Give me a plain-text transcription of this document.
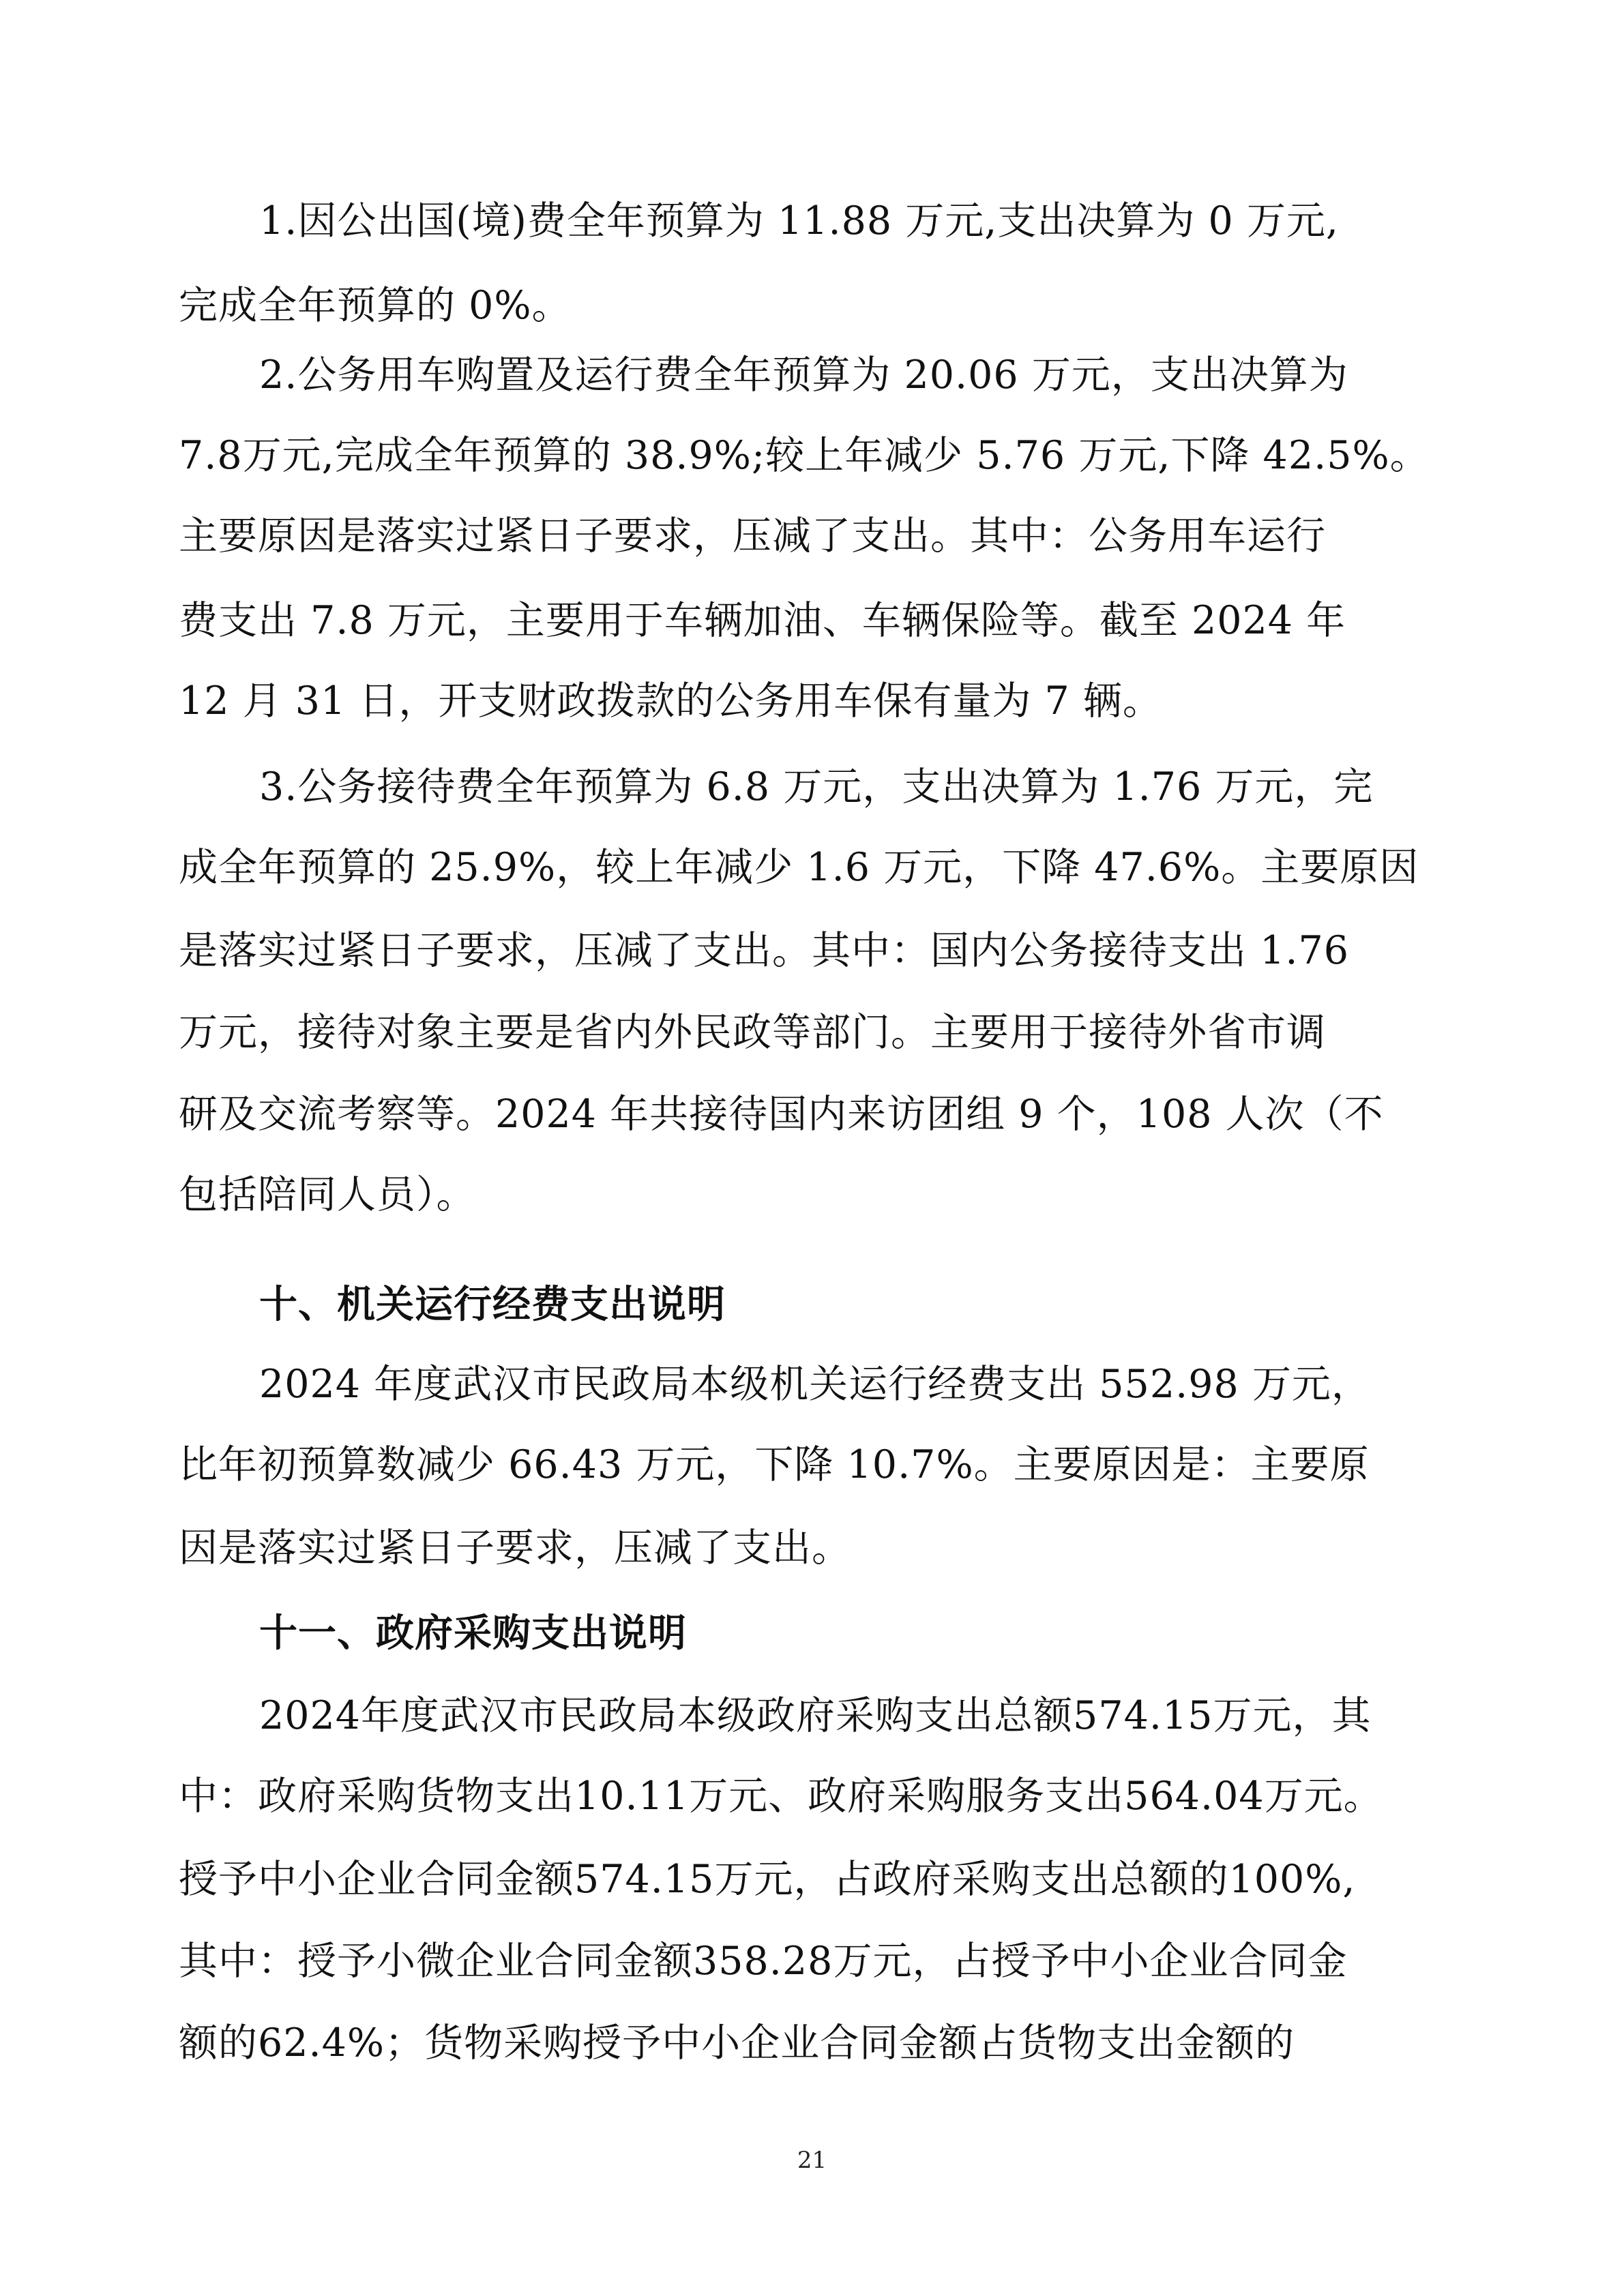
1.因公出国(境)费全年预算为 11.88 万元,支出决算为 0 万元,
完成全年预算的 0%。
2.公务用车购置及运行费全年预算为 20.06 万元，支出决算为
7.8万元,完成全年预算的 38.9%;较上年减少 5.76 万元,下降 42.5%。
主要原因是落实过紧日子要求，压减了支出。其中：公务用车运行
费支出 7.8 万元，主要用于车辆加油、车辆保险等。截至 2024 年
12 月 31 日，开支财政拨款的公务用车保有量为 7 辆。
3.公务接待费全年预算为 6.8 万元，支出决算为 1.76 万元，完
成全年预算的 25.9%，较上年减少 1.6 万元，下降 47.6%。主要原因
是落实过紧日子要求，压减了支出。其中：国内公务接待支出 1.76
万元，接待对象主要是省内外民政等部门。主要用于接待外省市调
研及交流考察等。2024 年共接待国内来访团组 9 个，108 人次（不
包括陪同人员）。
十、机关运行经费支出说明
2024 年度武汉市民政局本级机关运行经费支出 552.98 万元，
比年初预算数减少 66.43 万元，下降 10.7%。主要原因是：主要原
因是落实过紧日子要求，压减了支出。
十一、政府采购支出说明
2024年度武汉市民政局本级政府采购支出总额574.15万元，其
中：政府采购货物支出10.11万元、政府采购服务支出564.04万元。
授予中小企业合同金额574.15万元，占政府采购支出总额的100%,
其中：授予小微企业合同金额358.28万元，占授予中小企业合同金
额的62.4%；货物采购授予中小企业合同金额占货物支出金额的
21
